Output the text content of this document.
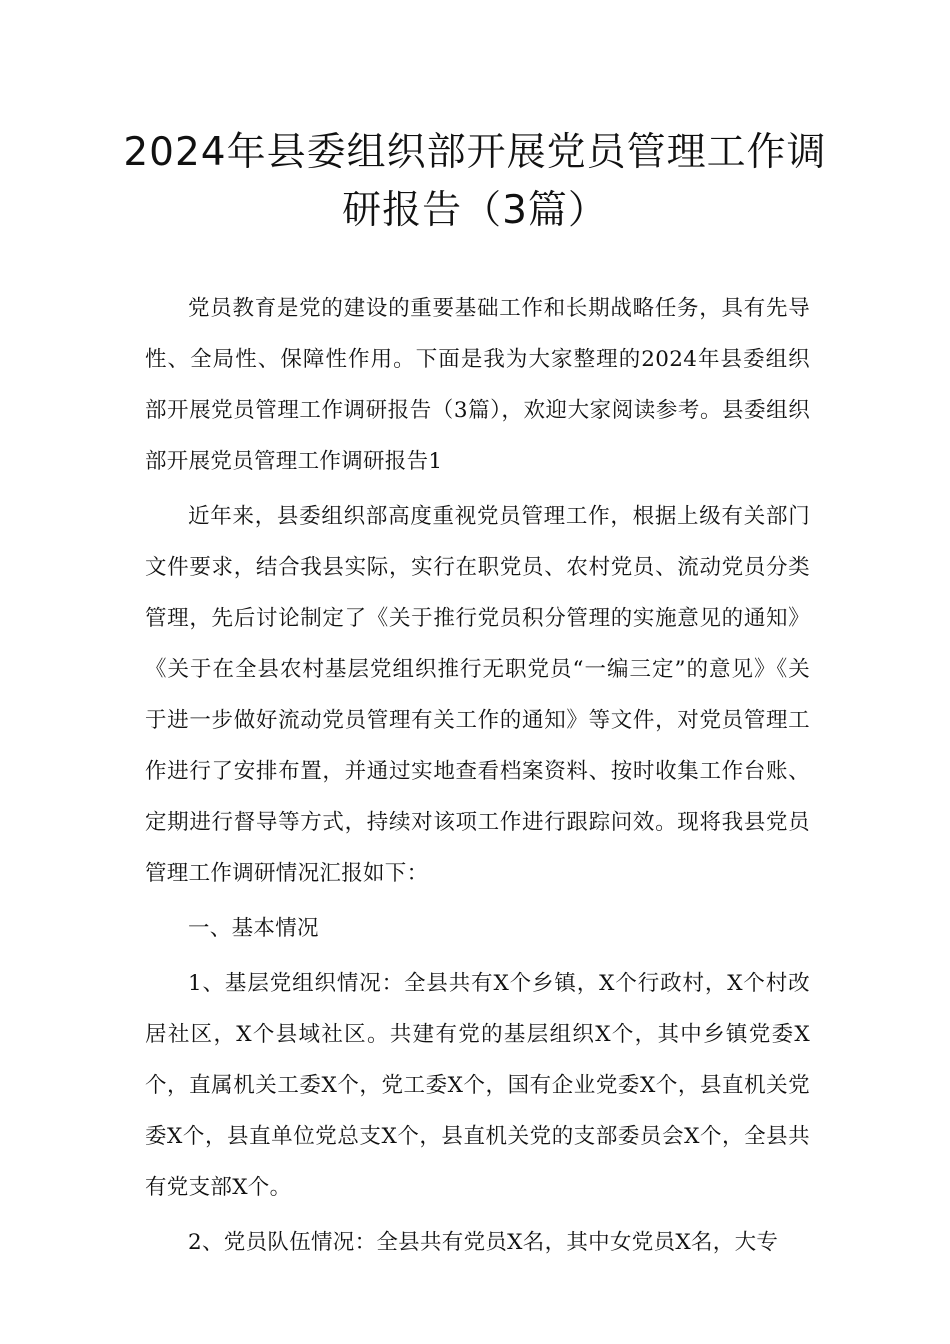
2024年县委组织部开展党员管理工作调研报告（3篇）

党员教育是党的建设的重要基础工作和长期战略任务，具有先导性、全局性、保障性作用。下面是我为大家整理的2024年县委组织部开展党员管理工作调研报告（3篇），欢迎大家阅读参考。县委组织部开展党员管理工作调研报告1

近年来，县委组织部高度重视党员管理工作，根据上级有关部门文件要求，结合我县实际，实行在职党员、农村党员、流动党员分类管理，先后讨论制定了《关于推行党员积分管理的实施意见的通知》《关于在全县农村基层党组织推行无职党员“一编三定”的意见》《关于进一步做好流动党员管理有关工作的通知》等文件，对党员管理工作进行了安排布置，并通过实地查看档案资料、按时收集工作台账、定期进行督导等方式，持续对该项工作进行跟踪问效。现将我县党员管理工作调研情况汇报如下：

一、基本情况

1、基层党组织情况：全县共有X个乡镇，X个行政村，X个村改居社区，X个县域社区。共建有党的基层组织X个，其中乡镇党委X个，直属机关工委X个，党工委X个，国有企业党委X个，县直机关党委X个，县直单位党总支X个，县直机关党的支部委员会X个，全县共有党支部X个。

2、党员队伍情况：全县共有党员X名，其中女党员X名，大专
